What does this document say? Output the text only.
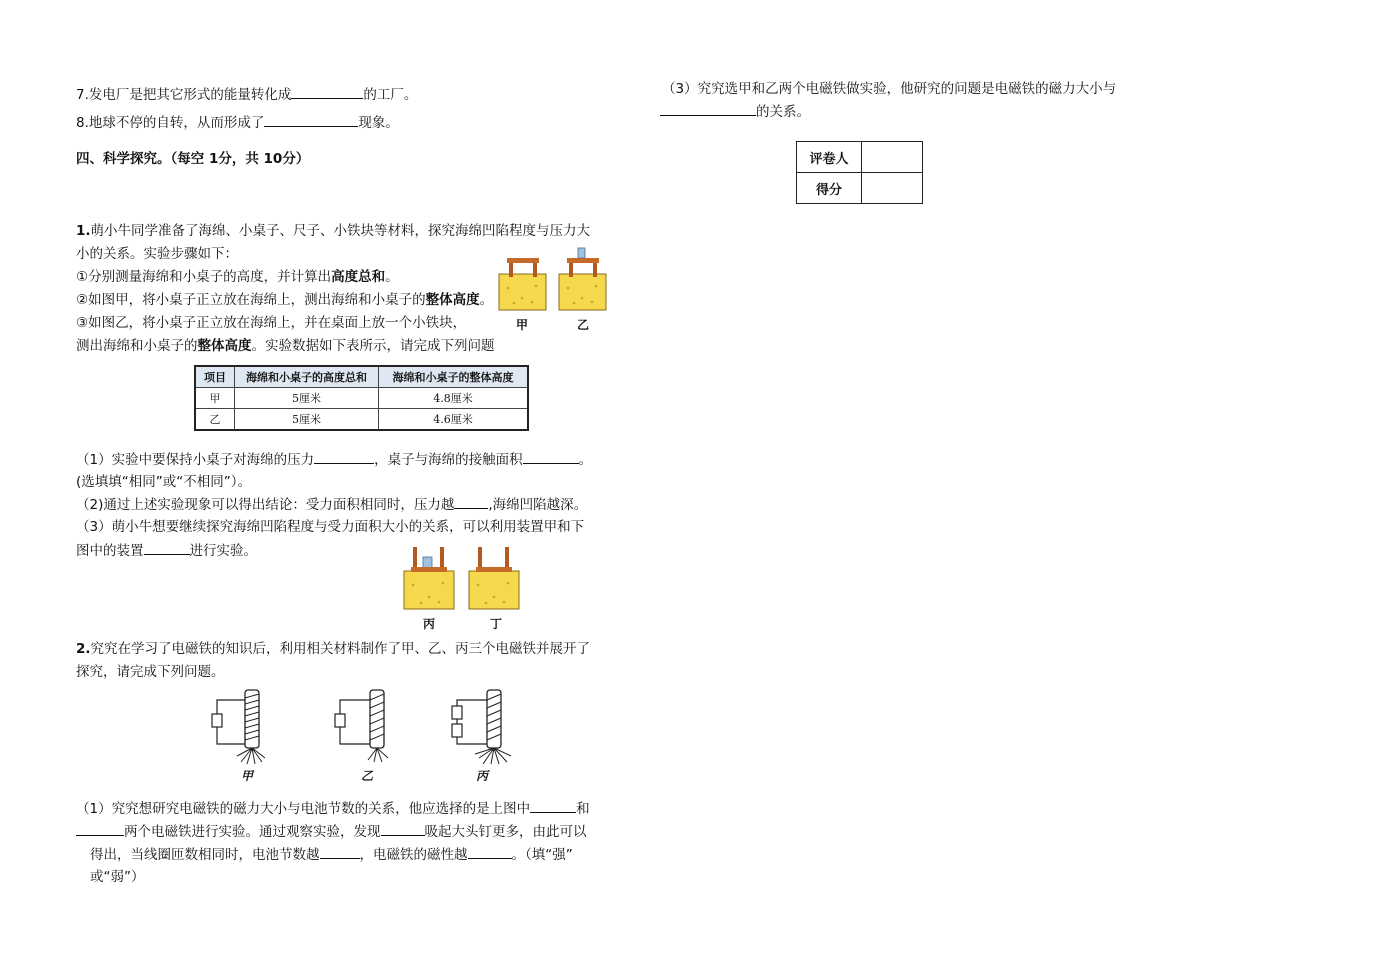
7.发电厂是把其它形式的能量转化成	的工厂。
8.地球不停的自转，从而形成了	现象。
四、科学探究。（每空 1分，共 10分）
1.萌小牛同学准备了海绵、小桌子、尺子、小铁块等材料，探究海绵凹陷程度与压力大
小的关系。实验步骤如下：
①分别测量海绵和小桌子的高度，并计算出高度总和。
②如图甲，将小桌子正立放在海绵上，测出海绵和小桌子的整体高度。
③如图乙，将小桌子正立放在海绵上，并在桌面上放一个小铁块，
测出海绵和小桌子的整体高度。实验数据如下表所示，请完成下列问题
甲	乙
项目	海绵和小桌子的高度总和	海绵和小桌子的整体高度
甲	5厘米	4.8厘米
乙	5厘米	4.6厘米
（1）实验中要保持小桌子对海绵的压力	，桌子与海绵的接触面积	。
(选填填“相同”或“不相同”）。
（2)通过上述实验现象可以得出结论：受力面积相同时，压力越	,海绵凹陷越深。
（3）萌小牛想要继续探究海绵凹陷程度与受力面积大小的关系，可以利用装置甲和下
图中的装置	进行实验。
丙	丁
2.究究在学习了电磁铁的知识后，利用相关材料制作了甲、乙、丙三个电磁铁并展开了
探究，请完成下列问题。
甲	乙	丙
（1）究究想研究电磁铁的磁力大小与电池节数的关系，他应选择的是上图中	和
两个电磁铁进行实验。通过观察实验，发现	吸起大头钉更多，由此可以
得出，当线圈匝数相同时，电池节数越	，电磁铁的磁性越	。（填“强”
或“弱”）
（3）究究选甲和乙两个电磁铁做实验，他研究的问题是电磁铁的磁力大小与
的关系。
评卷人	
得分	
